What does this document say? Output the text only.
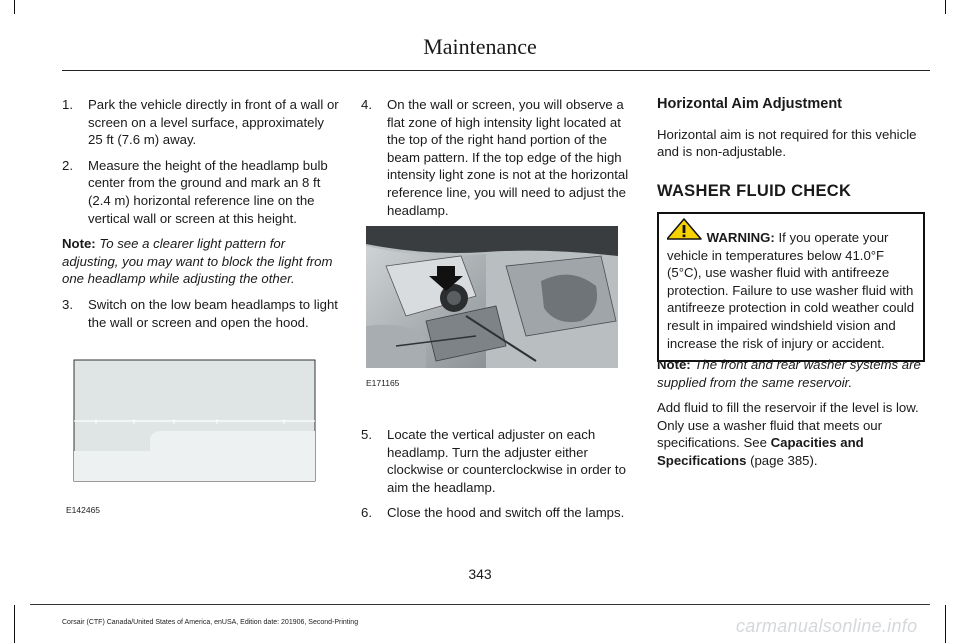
Maintenance
1. Park the vehicle directly in front of a wall or screen on a level surface, approximately 25 ft (7.6 m) away.

2. Measure the height of the headlamp bulb center from the ground and mark an 8 ft (2.4 m) horizontal reference line on the vertical wall or screen at this height.

Note: To see a clearer light pattern for adjusting, you may want to block the light from one headlamp while adjusting the other.

3. Switch on the low beam headlamps to light the wall or screen and open the hood.

E142465
4. On the wall or screen, you will observe a flat zone of high intensity light located at the top of the right hand portion of the beam pattern. If the top edge of the high intensity light zone is not at the horizontal reference line, you will need to adjust the headlamp.

E171165
5. Locate the vertical adjuster on each headlamp. Turn the adjuster either clockwise or counterclockwise in order to aim the headlamp.

6. Close the hood and switch off the lamps.

Horizontal Aim Adjustment

Horizontal aim is not required for this vehicle and is non-adjustable.

WASHER FLUID CHECK

WARNING: If you operate your vehicle in temperatures below 41.0°F (5°C), use washer fluid with antifreeze protection. Failure to use washer fluid with antifreeze protection in cold weather could result in impaired windshield vision and increase the risk of injury or accident.

Note: The front and rear washer systems are supplied from the same reservoir.

Add fluid to fill the reservoir if the level is low. Only use a washer fluid that meets our specifications. See Capacities and Specifications (page 385).

343
Corsair (CTF) Canada/United States of America, enUSA, Edition date: 201906, Second-Printing	carmanualsonline.info
